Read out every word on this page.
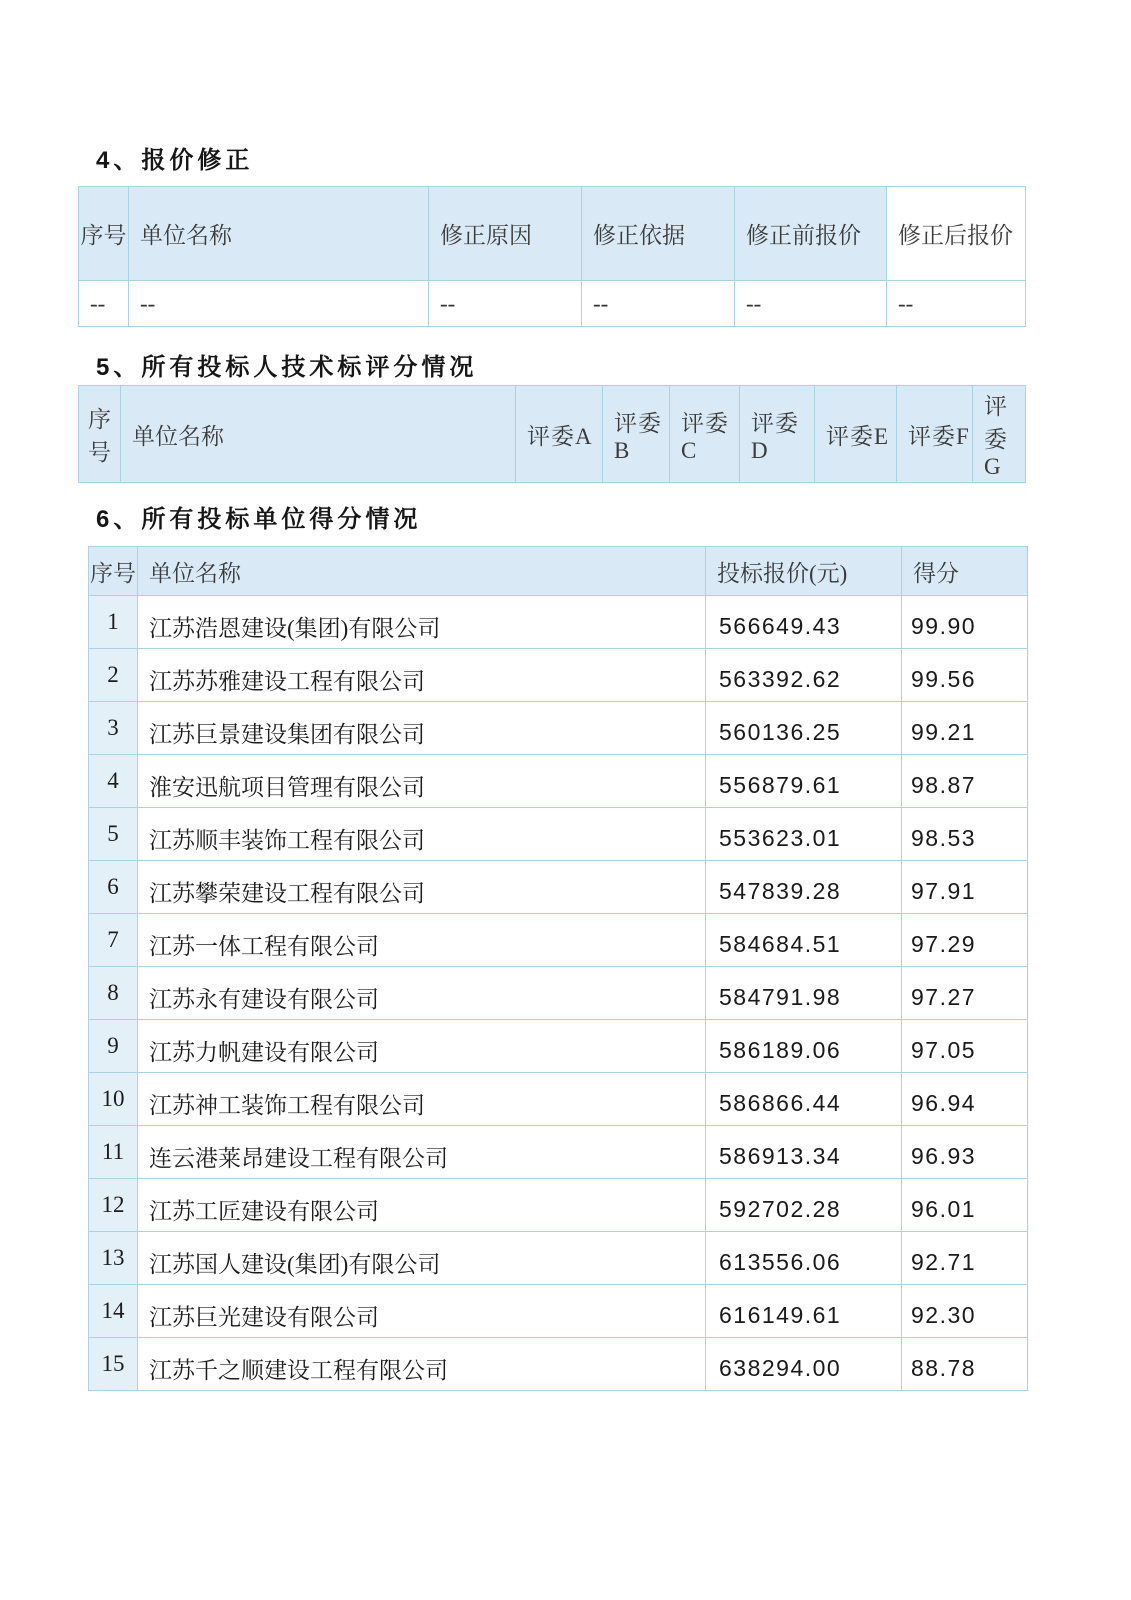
4、报价修正
序号	单位名称	修正原因	修正依据	修正前报价	修正后报价
--	--	--	--	--	--
5、所有投标人技术标评分情况
序号	单位名称	评委A	评委B	评委C	评委D	评委E	评委F	评委G
6、所有投标单位得分情况
序号	单位名称	投标报价(元)	得分
1	江苏浩恩建设(集团)有限公司	566649.43	99.90
2	江苏苏雅建设工程有限公司	563392.62	99.56
3	江苏巨景建设集团有限公司	560136.25	99.21
4	淮安迅航项目管理有限公司	556879.61	98.87
5	江苏顺丰装饰工程有限公司	553623.01	98.53
6	江苏攀荣建设工程有限公司	547839.28	97.91
7	江苏一体工程有限公司	584684.51	97.29
8	江苏永有建设有限公司	584791.98	97.27
9	江苏力帆建设有限公司	586189.06	97.05
10	江苏神工装饰工程有限公司	586866.44	96.94
11	连云港莱昂建设工程有限公司	586913.34	96.93
12	江苏工匠建设有限公司	592702.28	96.01
13	江苏国人建设(集团)有限公司	613556.06	92.71
14	江苏巨光建设有限公司	616149.61	92.30
15	江苏千之顺建设工程有限公司	638294.00	88.78
